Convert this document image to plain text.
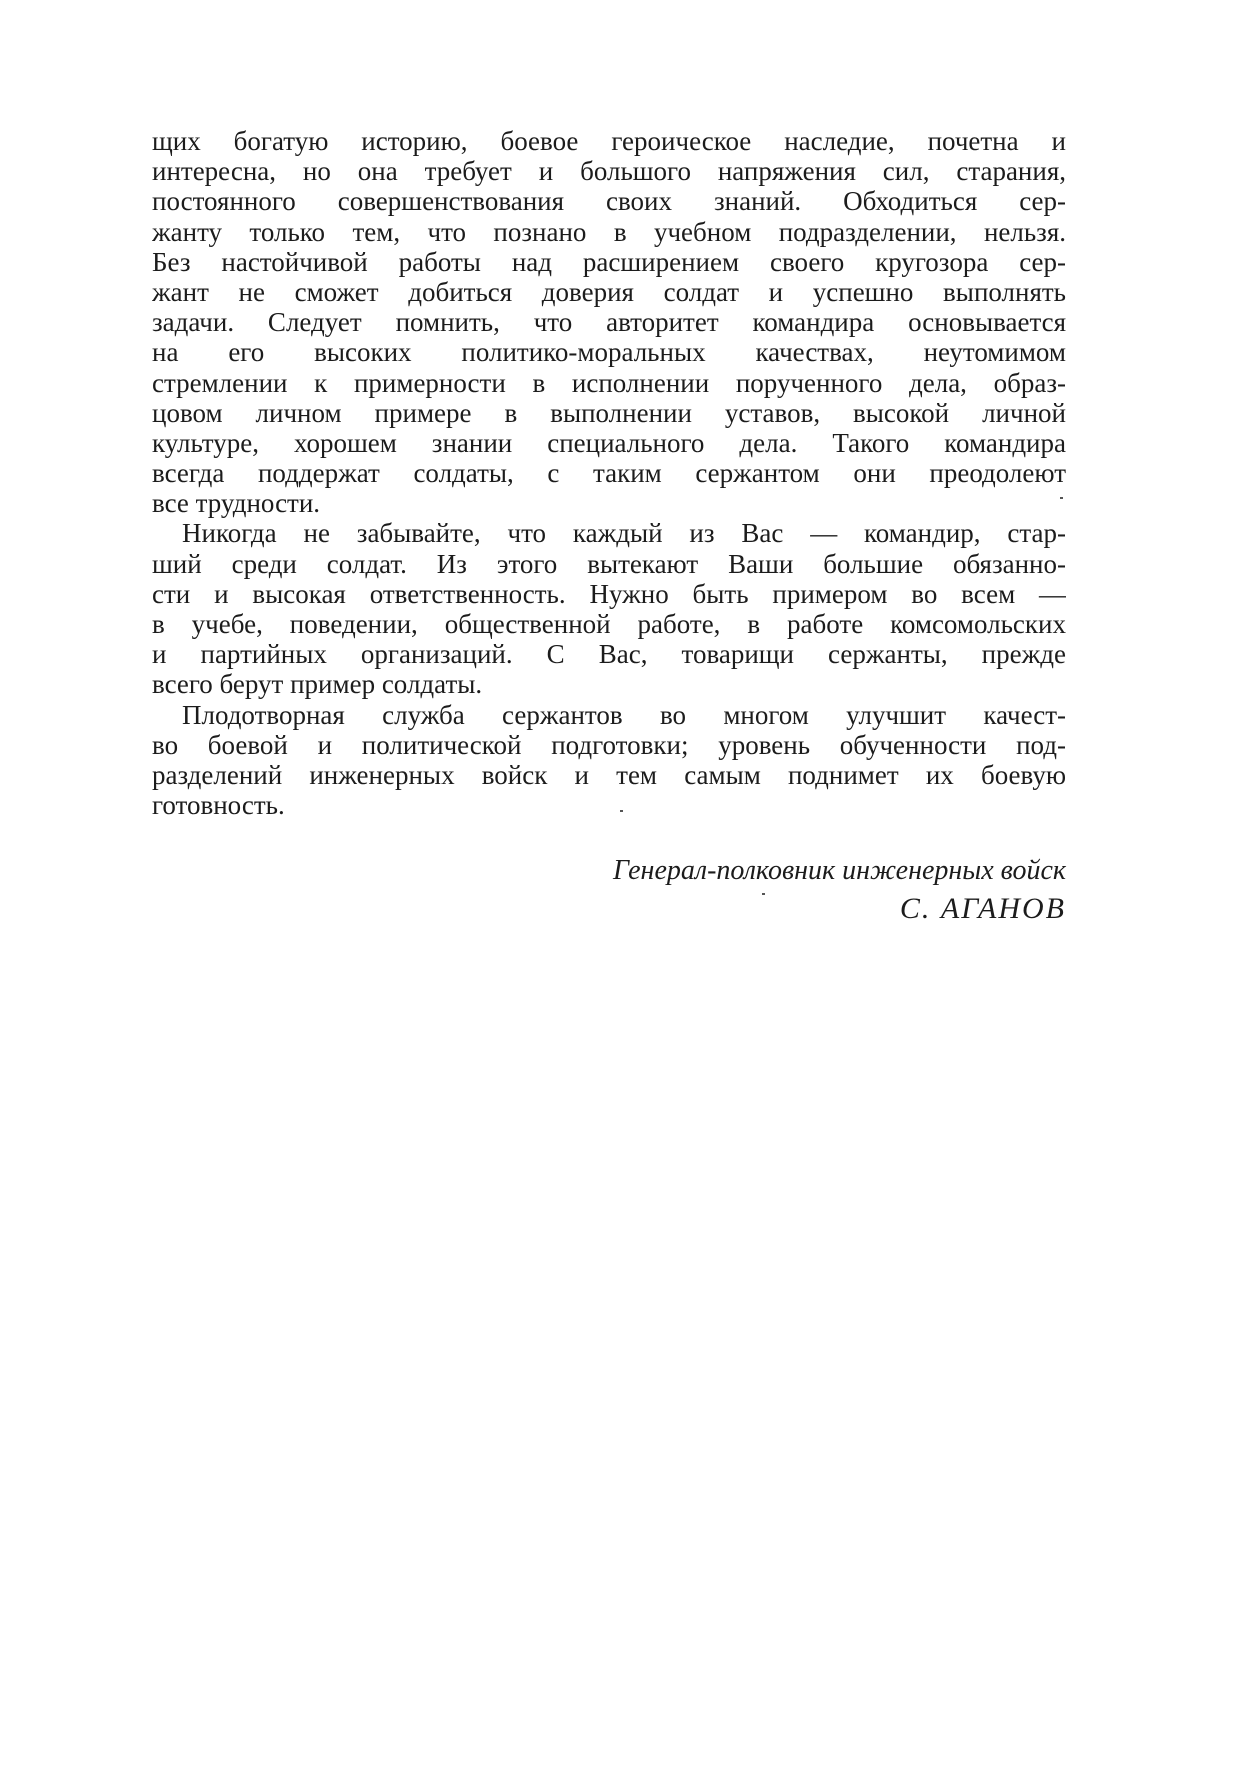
щих богатую историю, боевое героическое наследие, почетна и
интересна, но она требует и большого напряжения сил, старания,
постоянного совершенствования своих знаний. Обходиться сер-
жанту только тем, что познано в учебном подразделении, нельзя.
Без настойчивой работы над расширением своего кругозора сер-
жант не сможет добиться доверия солдат и успешно выполнять
задачи. Следует помнить, что авторитет командира основывается
на его высоких политико-моральных качествах, неутомимом
стремлении к примерности в исполнении порученного дела, образ-
цовом личном примере в выполнении уставов, высокой личной
культуре, хорошем знании специального дела. Такого командира
всегда поддержат солдаты, с таким сержантом они преодолеют
все трудности.
Никогда не забывайте, что каждый из Вас — командир, стар-
ший среди солдат. Из этого вытекают Ваши большие обязанно-
сти и высокая ответственность. Нужно быть примером во всем —
в учебе, поведении, общественной работе, в работе комсомольских
и партийных организаций. С Вас, товарищи сержанты, прежде
всего берут пример солдаты.
Плодотворная служба сержантов во многом улучшит качест-
во боевой и политической подготовки; уровень обученности под-
разделений инженерных войск и тем самым поднимет их боевую
готовность.
Генерал-полковник инженерных войск
С. АГАНОВ
